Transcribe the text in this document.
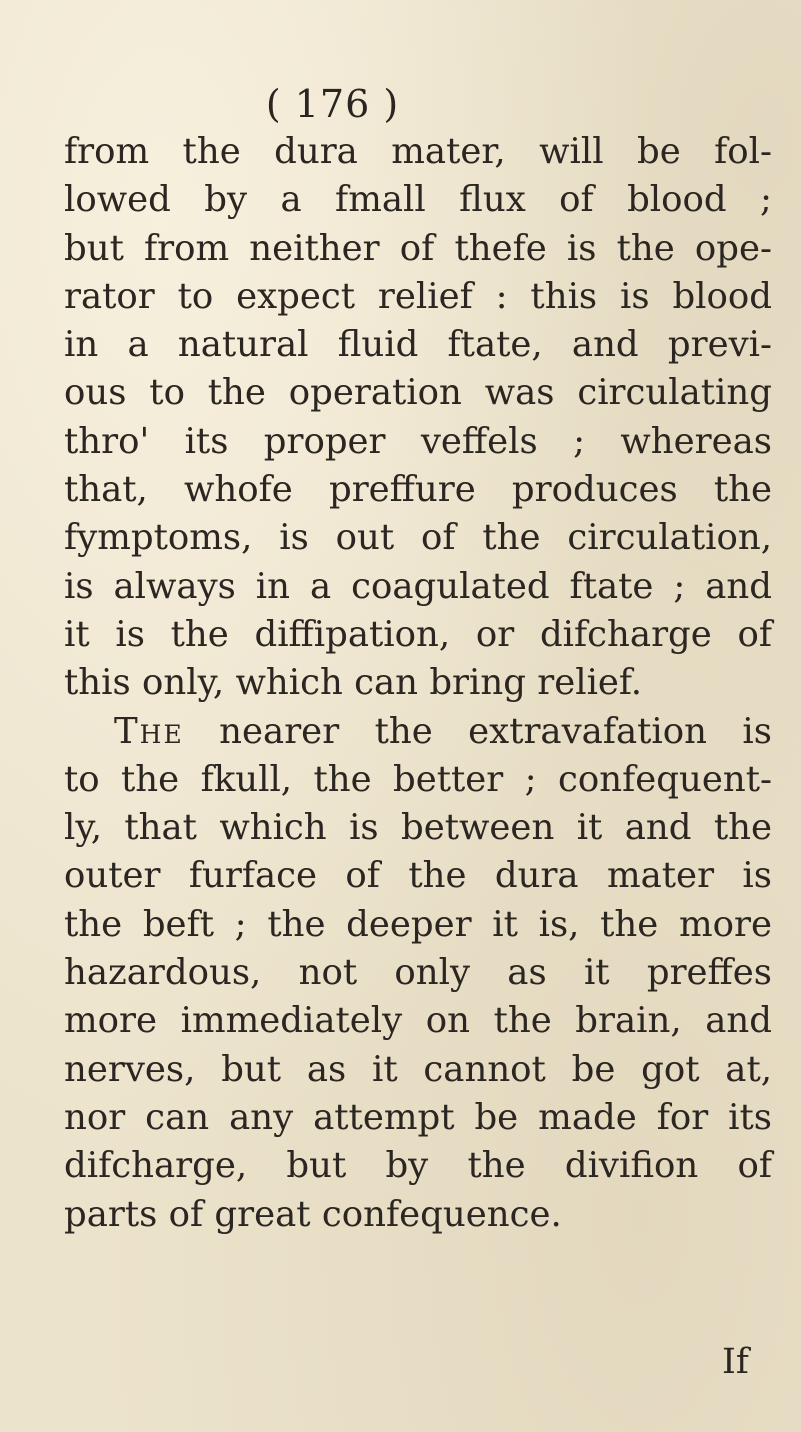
( 176 )
from the dura mater, will be fol-
lowed by a fmall flux of blood ;
but from neither of thefe is the ope-
rator to expect relief : this is blood
in a natural fluid ftate, and previ-
ous to the operation was circulating
thro' its proper veffels ; whereas
that, whofe preffure produces the
fymptoms, is out of the circulation,
is always in a coagulated ftate ; and
it is the diffipation, or difcharge of
this only, which can bring relief.
The nearer the extravafation is
to the fkull, the better ; confequent-
ly, that which is between it and the
outer furface of the dura mater is
the beft ; the deeper it is, the more
hazardous, not only as it preffes
more immediately on the brain, and
nerves, but as it cannot be got at,
nor can any attempt be made for its
difcharge, but by the divifion of
parts of great confequence.
If
